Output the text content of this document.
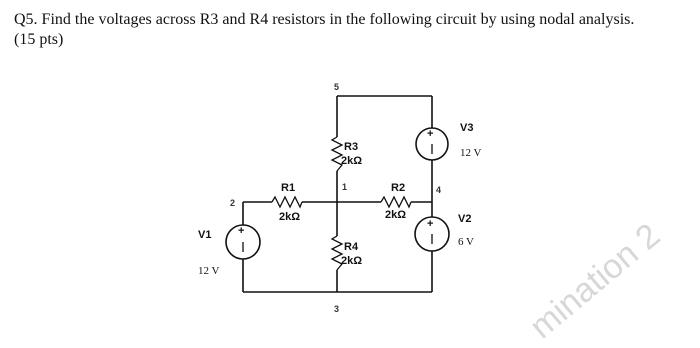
Q5. Find the voltages across R3 and R4 resistors in the following circuit by using nodal analysis.
(15 pts)
mination 2
R1
2kΩ
R2
2kΩ
R3
2kΩ
R4
2kΩ
+
V1
12 V
+ V3
12 V
+ V2
6 V
5
1
2
4
3
